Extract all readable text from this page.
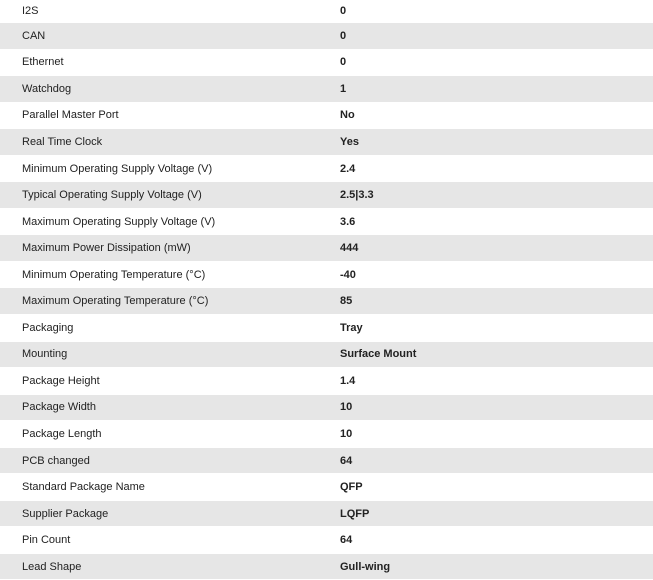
I2S	0
CAN	0
Ethernet	0
Watchdog	1
Parallel Master Port	No
Real Time Clock	Yes
Minimum Operating Supply Voltage (V)	2.4
Typical Operating Supply Voltage (V)	2.5|3.3
Maximum Operating Supply Voltage (V)	3.6
Maximum Power Dissipation (mW)	444
Minimum Operating Temperature (°C)	-40
Maximum Operating Temperature (°C)	85
Packaging	Tray
Mounting	Surface Mount
Package Height	1.4
Package Width	10
Package Length	10
PCB changed	64
Standard Package Name	QFP
Supplier Package	LQFP
Pin Count	64
Lead Shape	Gull-wing
